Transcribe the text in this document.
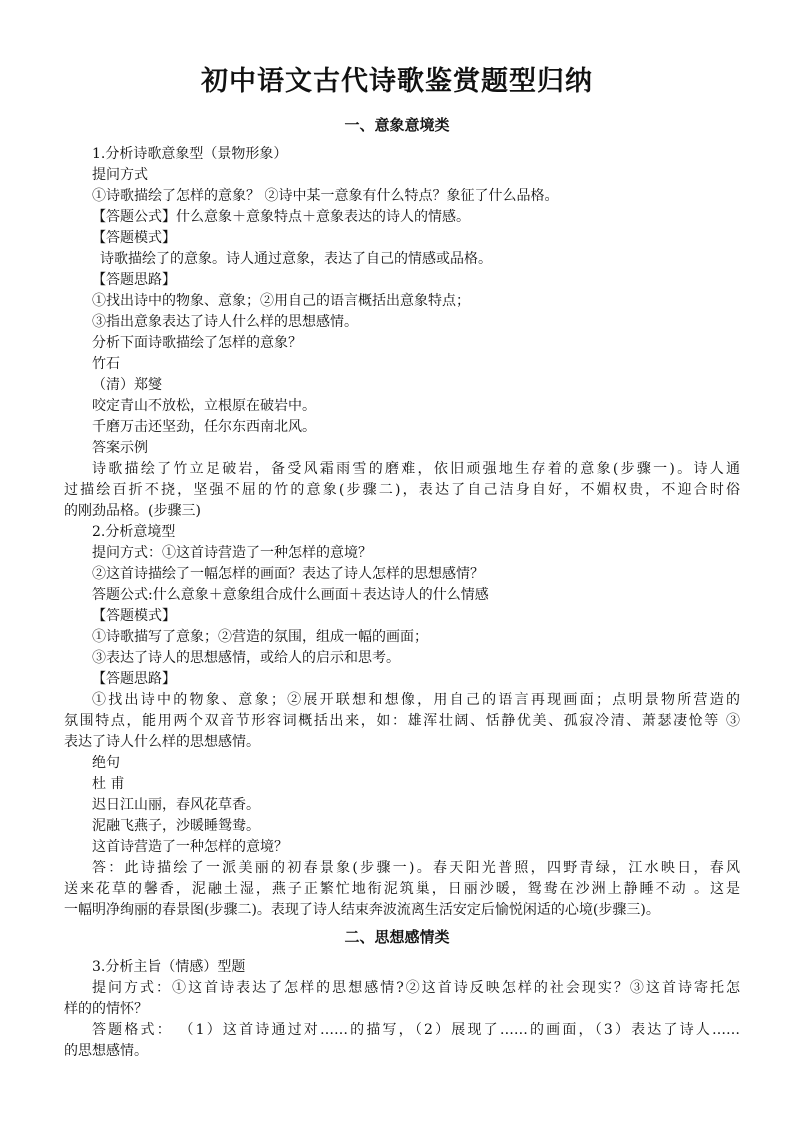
初中语文古代诗歌鉴赏题型归纳
一、意象意境类
1.分析诗歌意象型（景物形象）
提问方式
①诗歌描绘了怎样的意象？ ②诗中某一意象有什么特点？象征了什么品格。
【答题公式】什么意象＋意象特点＋意象表达的诗人的情感。
【答题模式】
诗歌描绘了的意象。诗人通过意象，表达了自己的情感或品格。
【答题思路】
①找出诗中的物象、意象；②用自己的语言概括出意象特点；
③指出意象表达了诗人什么样的思想感情。
分析下面诗歌描绘了怎样的意象？
竹石
（清）郑燮
咬定青山不放松，立根原在破岩中。
千磨万击还坚劲，任尔东西南北风。
答案示例
诗歌描绘了竹立足破岩，备受风霜雨雪的磨难，依旧顽强地生存着的意象(步骤一)。诗人通
过描绘百折不挠，坚强不屈的竹的意象(步骤二)，表达了自己洁身自好，不媚权贵，不迎合时俗
的刚劲品格。(步骤三)
2.分析意境型
提问方式：①这首诗营造了一种怎样的意境？
②这首诗描绘了一幅怎样的画面？表达了诗人怎样的思想感情？
答题公式:什么意象＋意象组合成什么画面＋表达诗人的什么情感
【答题模式】
①诗歌描写了意象；②营造的氛围，组成一幅的画面；
③表达了诗人的思想感情，或给人的启示和思考。
【答题思路】
①找出诗中的物象、意象；②展开联想和想像，用自己的语言再现画面；点明景物所营造的
氛围特点，能用两个双音节形容词概括出来，如：雄浑壮阔、恬静优美、孤寂冷清、萧瑟凄怆等 ③
表达了诗人什么样的思想感情。
绝句
杜 甫
迟日江山丽，春风花草香。
泥融飞燕子，沙暖睡鸳鸯。
这首诗营造了一种怎样的意境？
答：此诗描绘了一派美丽的初春景象(步骤一)。春天阳光普照，四野青绿，江水映日，春风
送来花草的馨香，泥融土湿，燕子正繁忙地衔泥筑巢，日丽沙暖，鸳鸯在沙洲上静睡不动 。这是
一幅明净绚丽的春景图(步骤二)。表现了诗人结束奔波流离生活安定后愉悦闲适的心境(步骤三)。
二、思想感情类
3.分析主旨（情感）型题
提问方式：①这首诗表达了怎样的思想感情?②这首诗反映怎样的社会现实？③这首诗寄托怎
样的的情怀？
答题格式： （1）这首诗通过对……的描写，（2）展现了……的画面，（3）表达了诗人……
的思想感情。
